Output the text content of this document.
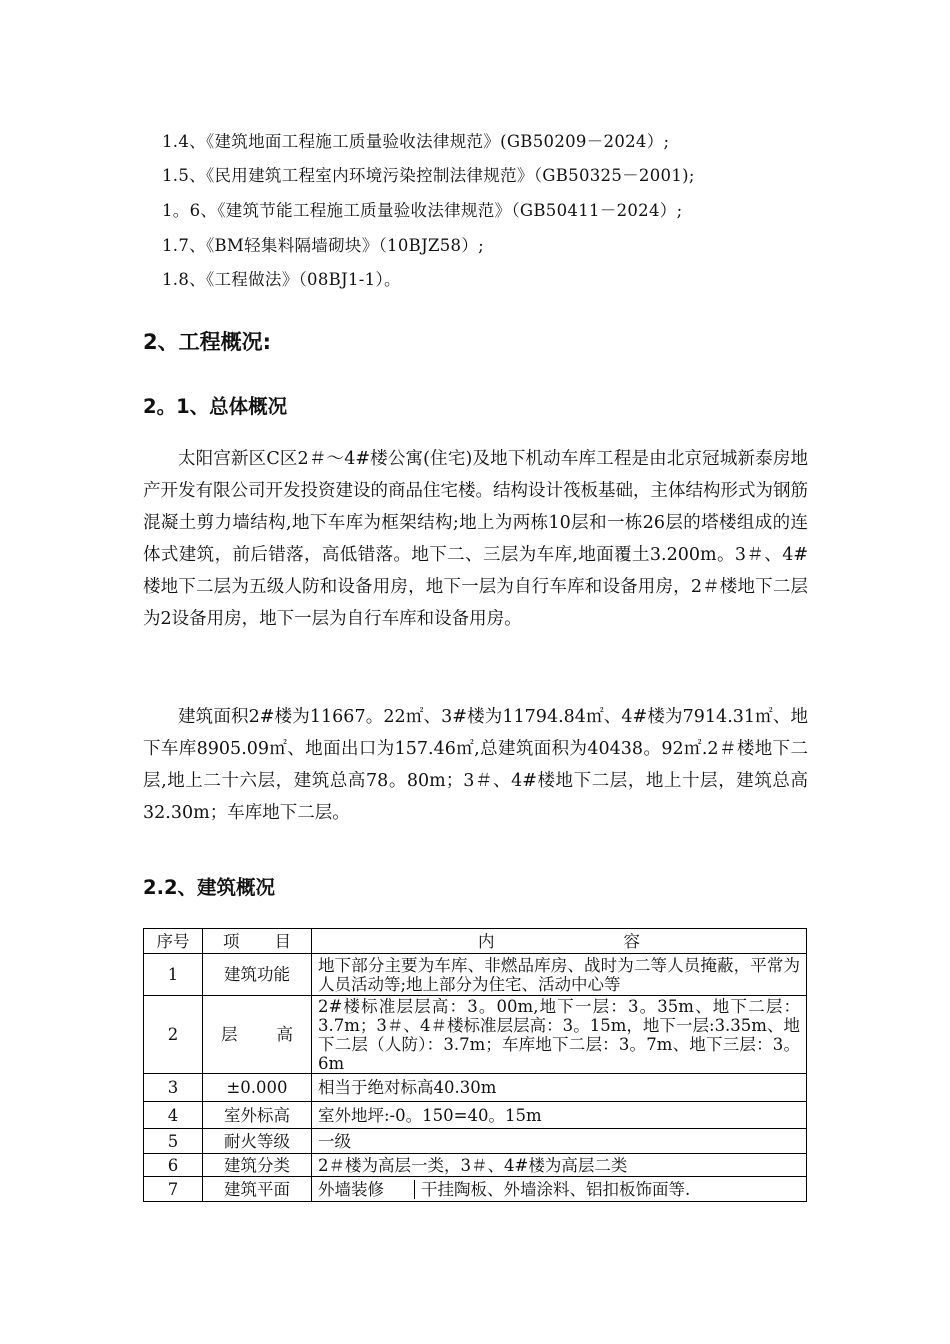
1.4、《建筑地面工程施工质量验收法律规范》(GB50209－2024）;
1.5、《民用建筑工程室内环境污染控制法律规范》（GB50325－2001);
1。6、《建筑节能工程施工质量验收法律规范》（GB50411－2024）;
1.7、《BM轻集料隔墙砌块》（10BJZ58）;
1.8、《工程做法》（08BJ1-1）。
2、工程概况:
2。1、总体概况

太阳宫新区C区2＃～4#楼公寓(住宅)及地下机动车库工程是由北京冠城新泰房地产开发有限公司开发投资建设的商品住宅楼。结构设计筏板基础，主体结构形式为钢筋混凝土剪力墙结构,地下车库为框架结构;地上为两栋10层和一栋26层的塔楼组成的连体式建筑，前后错落，高低错落。地下二、三层为车库,地面覆土3.200m。3＃、4#楼地下二层为五级人防和设备用房，地下一层为自行车库和设备用房，2＃楼地下二层为2设备用房，地下一层为自行车库和设备用房。

建筑面积2#楼为11667。22㎡、3#楼为11794.84㎡、4#楼为7914.31㎡、地下车库8905.09㎡、地面出口为157.46㎡,总建筑面积为40438。92㎡.2＃楼地下二层,地上二十六层，建筑总高78。80m；3＃、4#楼地下二层，地上十层，建筑总高32.30m；车库地下二层。

2.2、建筑概况
序号	项 目	内 容

1	建筑功能	地下部分主要为车库、非燃品库房、战时为二等人员掩蔽，平常为人员活动等;地上部分为住宅、活动中心等
2	层 高	2#楼标准层层高：3。00m,地下一层：3。35m、地下二层：3.7m；3＃、4＃楼标准层层高：3。15m，地下一层:3.35m、地下二层（人防）：3.7m；车库地下二层：3。7m、地下三层：3。6m
3	±0.000	相当于绝对标高40.30m
4	室外标高	室外地坪:-0。150=40。15m
5	耐火等级	一级
6	建筑分类	2＃楼为高层一类，3＃、4#楼为高层二类
7	建筑平面	外墙装修 干挂陶板、外墙涂料、铝扣板饰面等.
